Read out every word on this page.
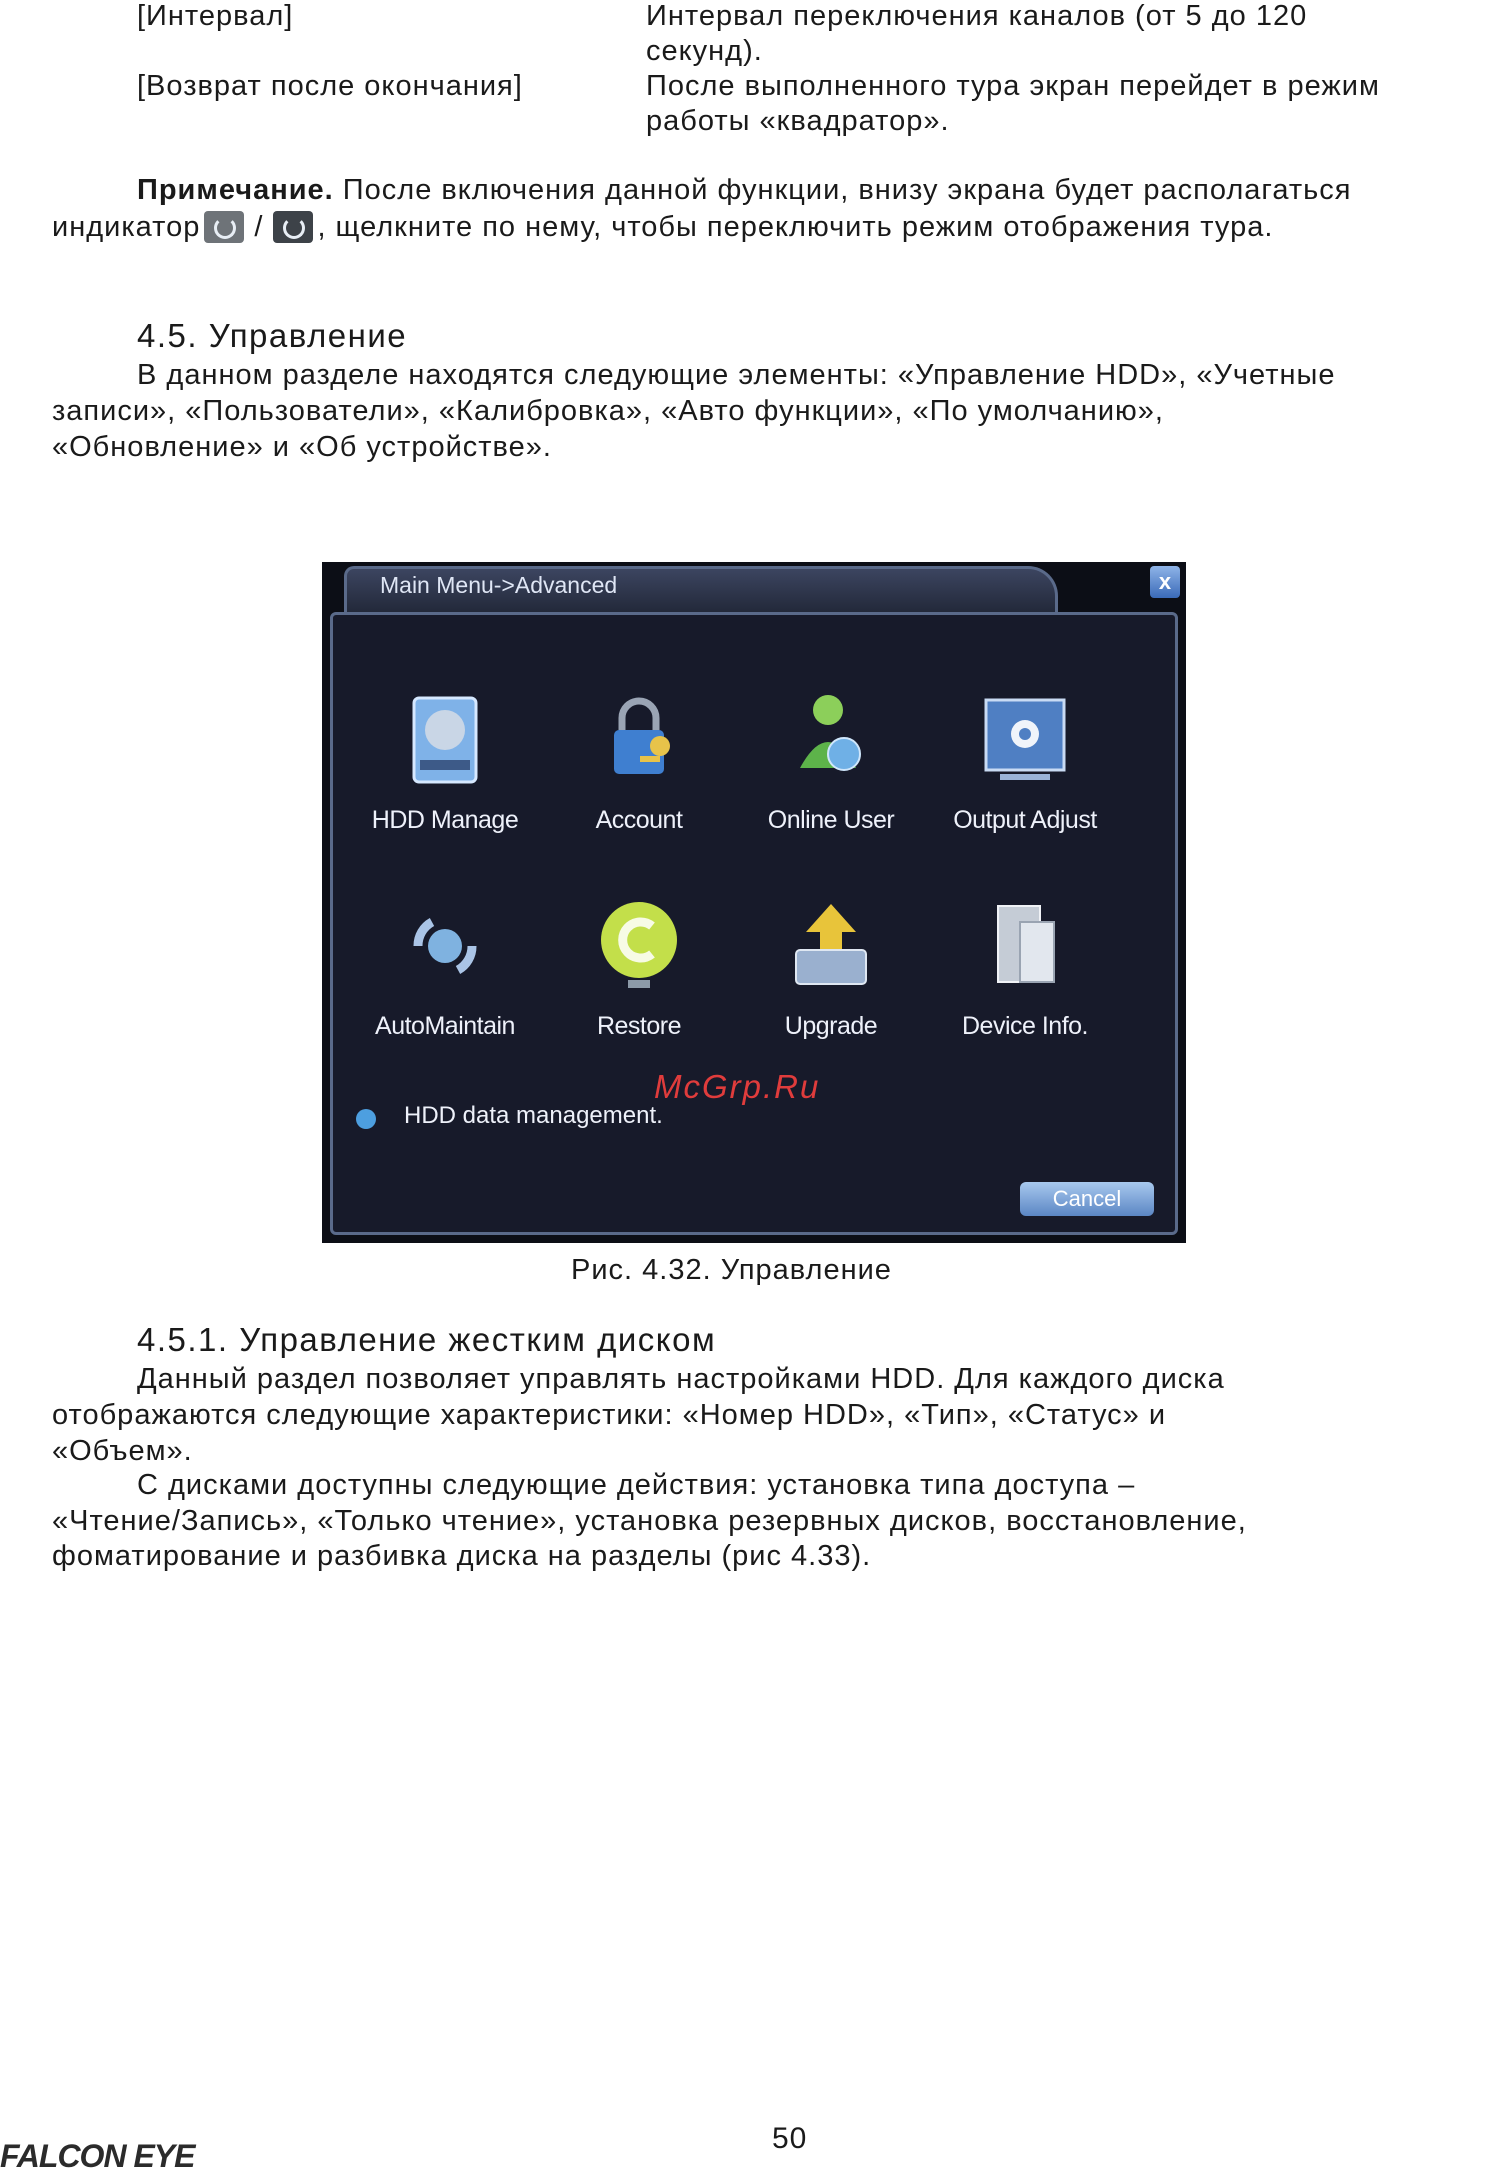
[Интервал]	Интервал переключения каналов (от 5 до 120
секунд).
[Возврат после окончания]	После выполненного тура экран перейдет в режим
работы «квадратор».
Примечание. После включения данной функции, внизу экрана будет располагаться
индикатор / , щелкните по нему, чтобы переключить режим отображения тура.
4.5. Управление
В данном разделе находятся следующие элементы: «Управление HDD», «Учетные
записи», «Пользователи», «Калибровка», «Авто функции», «По умолчанию»,
«Обновление» и «Об устройстве».
Main Menu->Advanced	x
HDD Manage	Account	Online User	Output Adjust
AutoMaintain	Restore	Upgrade	Device Info.
HDD data management.
Cancel
McGrp.Ru
Рис. 4.32. Управление
4.5.1. Управление жестким диском
Данный раздел позволяет управлять настройками HDD. Для каждого диска
отображаются следующие характеристики: «Номер HDD», «Тип», «Статус» и
«Объем».
С дисками доступны следующие действия: установка типа доступа –
«Чтение/Запись», «Только чтение», установка резервных дисков, восстановление,
фоматирование и разбивка диска на разделы (рис 4.33).
50
FALCON EYE
